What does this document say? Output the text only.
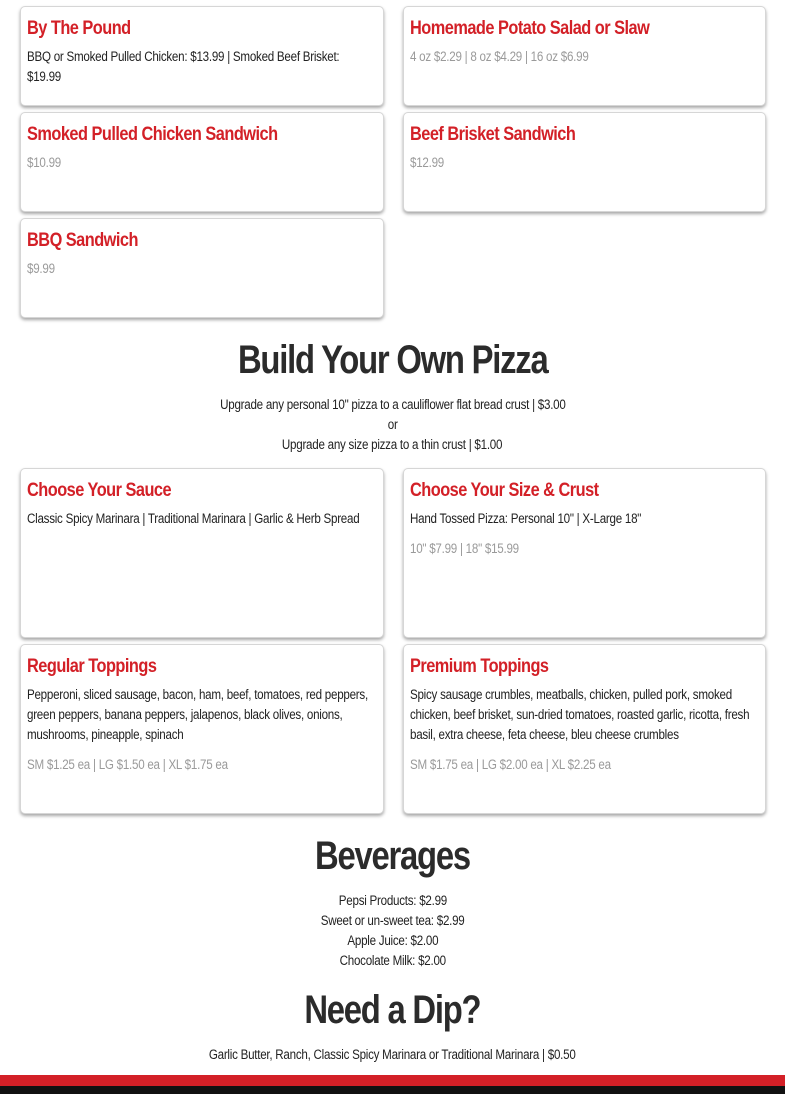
By The Pound
BBQ or Smoked Pulled Chicken: $13.99 | Smoked Beef Brisket: $19.99
Homemade Potato Salad or Slaw
4 oz $2.29 | 8 oz $4.29 | 16 oz $6.99
Smoked Pulled Chicken Sandwich
$10.99
Beef Brisket Sandwich
$12.99
BBQ Sandwich
$9.99
Build Your Own Pizza
Upgrade any personal 10" pizza to a cauliflower flat bread crust | $3.00
or
Upgrade any size pizza to a thin crust | $1.00
Choose Your Sauce
Classic Spicy Marinara | Traditional Marinara | Garlic & Herb Spread
Choose Your Size & Crust
Hand Tossed Pizza: Personal 10" | X-Large 18"
10" $7.99 | 18" $15.99
Regular Toppings
Pepperoni, sliced sausage, bacon, ham, beef, tomatoes, red peppers, green peppers, banana peppers, jalapenos, black olives, onions, mushrooms, pineapple, spinach
SM $1.25 ea | LG $1.50 ea | XL $1.75 ea
Premium Toppings
Spicy sausage crumbles, meatballs, chicken, pulled pork, smoked chicken, beef brisket, sun-dried tomatoes, roasted garlic, ricotta, fresh basil, extra cheese, feta cheese, bleu cheese crumbles
SM $1.75 ea | LG $2.00 ea | XL $2.25 ea
Beverages
Pepsi Products: $2.99
Sweet or un-sweet tea: $2.99
Apple Juice: $2.00
Chocolate Milk: $2.00
Need a Dip?
Garlic Butter, Ranch, Classic Spicy Marinara or Traditional Marinara | $0.50
